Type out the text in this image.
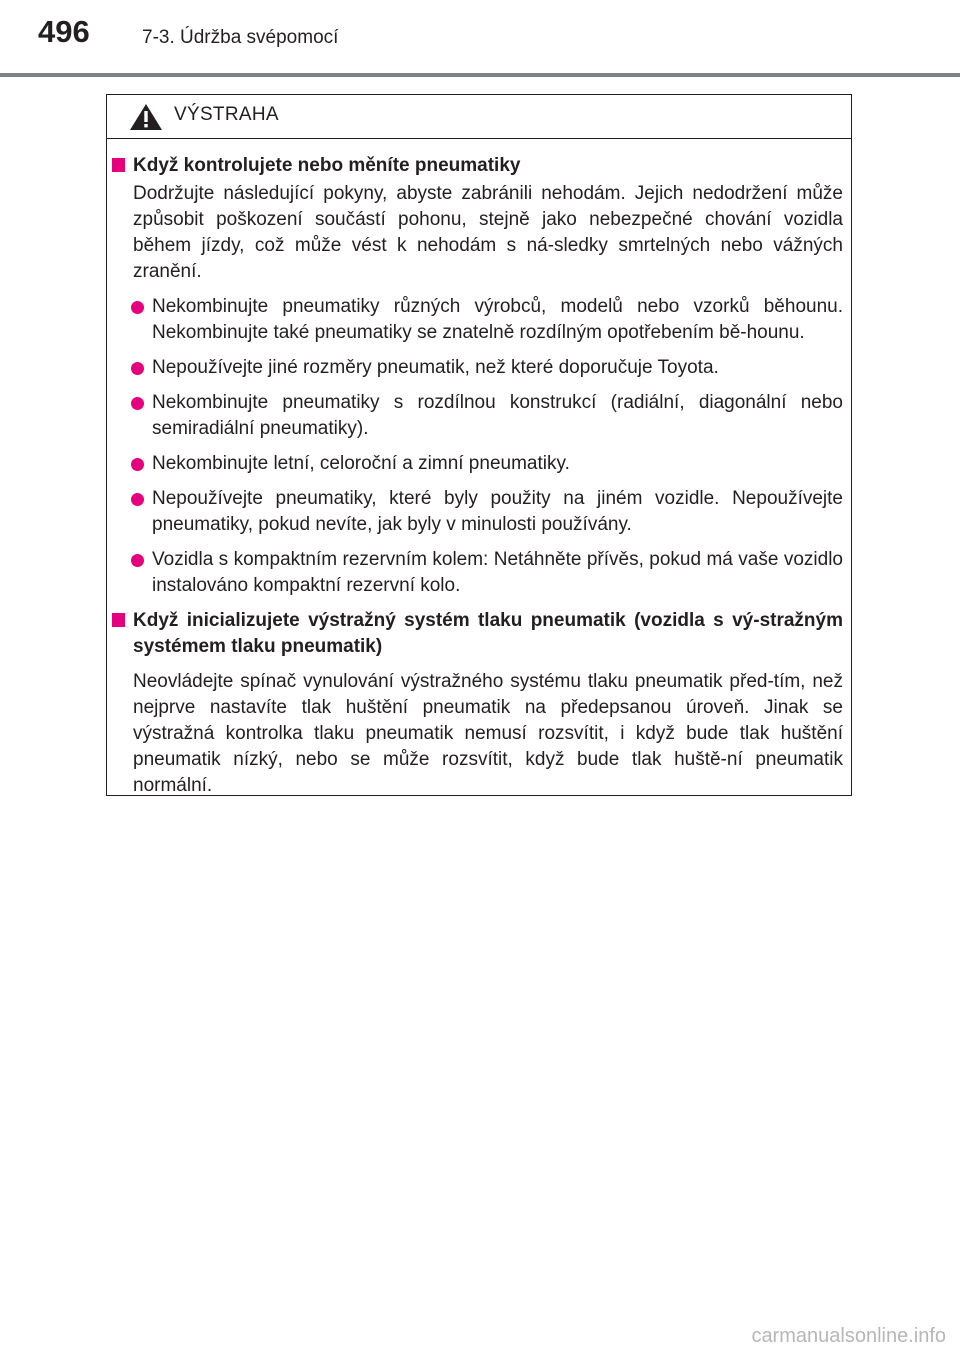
496	7-3. Údržba svépomocí
VÝSTRAHA
Když kontrolujete nebo měníte pneumatiky
Dodržujte následující pokyny, abyste zabránili nehodám. Jejich nedodržení může způsobit poškození součástí pohonu, stejně jako nebezpečné chování vozidla během jízdy, což může vést k nehodám s ná-sledky smrtelných nebo vážných zranění.
Nekombinujte pneumatiky různých výrobců, modelů nebo vzorků běhounu. Nekombinujte také pneumatiky se znatelně rozdílným opotřebením bě-hounu.
Nepoužívejte jiné rozměry pneumatik, než které doporučuje Toyota.
Nekombinujte pneumatiky s rozdílnou konstrukcí (radiální, diagonální nebo semiradiální pneumatiky).
Nekombinujte letní, celoroční a zimní pneumatiky.
Nepoužívejte pneumatiky, které byly použity na jiném vozidle. Nepoužívejte pneumatiky, pokud nevíte, jak byly v minulosti používány.
Vozidla s kompaktním rezervním kolem: Netáhněte přívěs, pokud má vaše vozidlo instalováno kompaktní rezervní kolo.
Když inicializujete výstražný systém tlaku pneumatik (vozidla s vý-stražným systémem tlaku pneumatik)
Neovládejte spínač vynulování výstražného systému tlaku pneumatik před-tím, než nejprve nastavíte tlak huštění pneumatik na předepsanou úroveň. Jinak se výstražná kontrolka tlaku pneumatik nemusí rozsvítit, i když bude tlak huštění pneumatik nízký, nebo se může rozsvítit, když bude tlak huště-ní pneumatik normální.
carmanualsonline.info
